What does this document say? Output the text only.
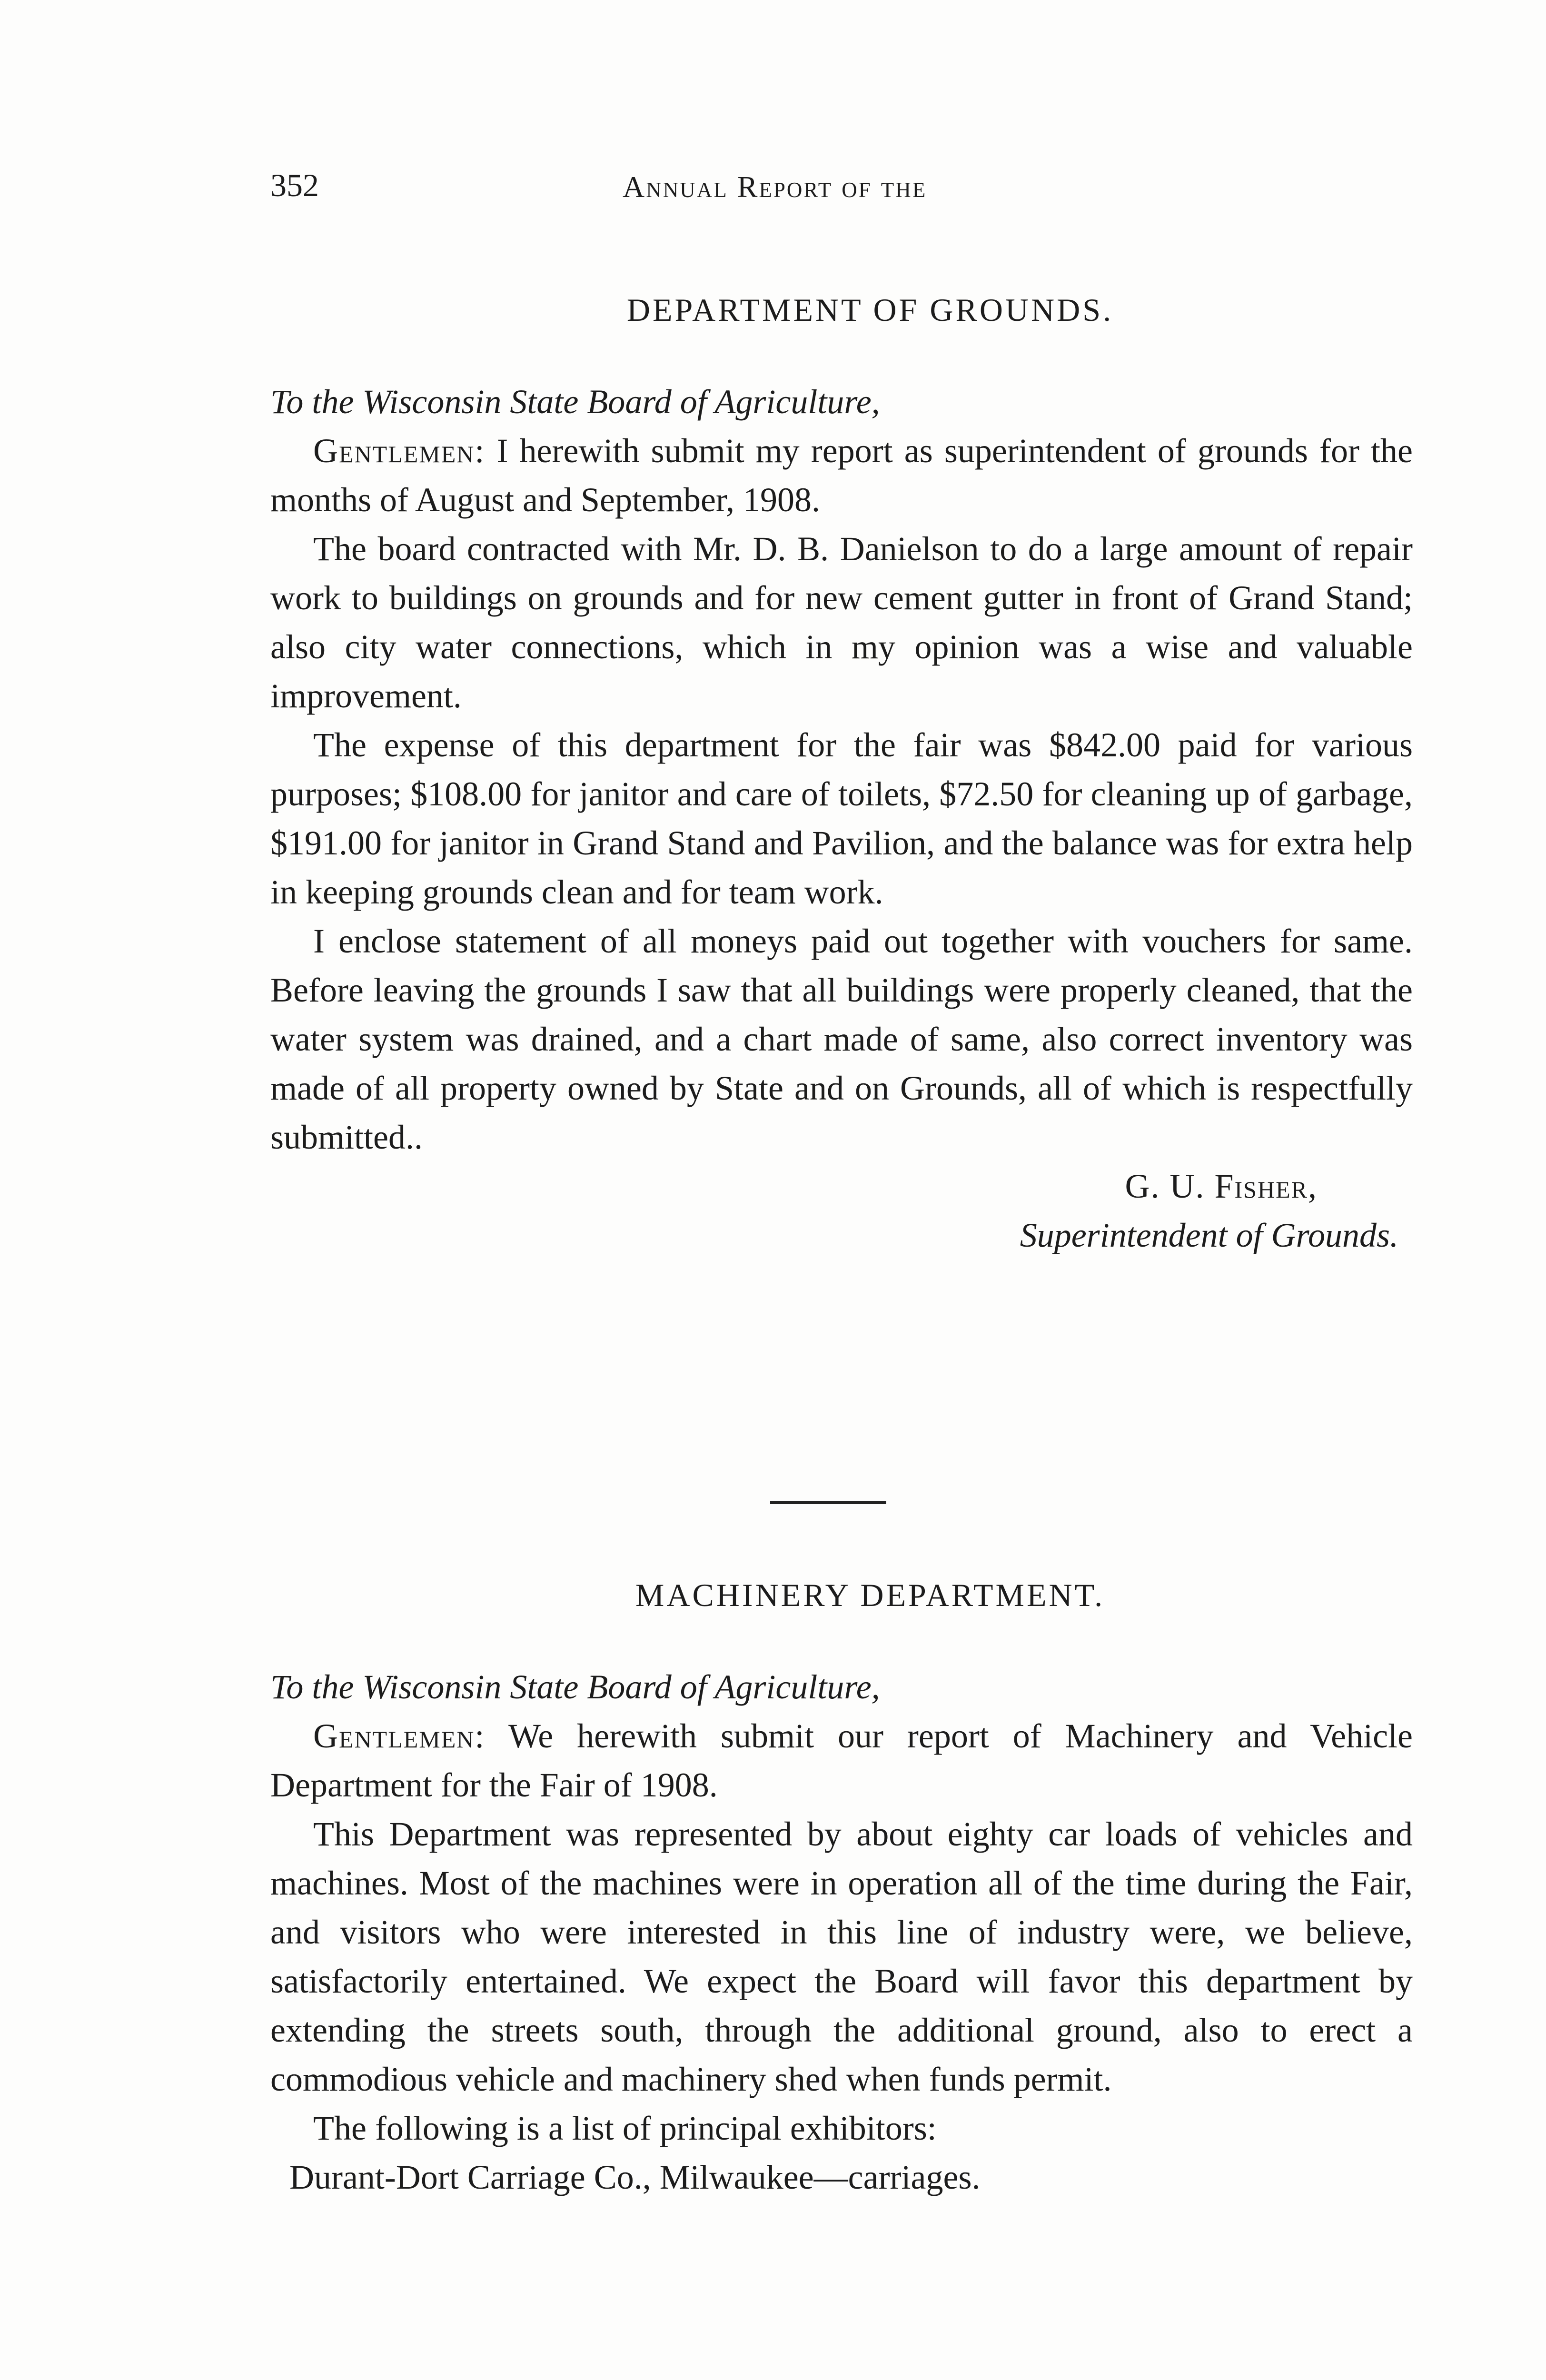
352	Annual Report of the
DEPARTMENT OF GROUNDS.

To the Wisconsin State Board of Agriculture,

Gentlemen: I herewith submit my report as superintendent of grounds for the months of August and September, 1908.

The board contracted with Mr. D. B. Danielson to do a large amount of repair work to buildings on grounds and for new cement gutter in front of Grand Stand; also city water connections, which in my opinion was a wise and valuable improvement.

The expense of this department for the fair was $842.00 paid for various purposes; $108.00 for janitor and care of toilets, $72.50 for cleaning up of garbage, $191.00 for janitor in Grand Stand and Pavilion, and the balance was for extra help in keeping grounds clean and for team work.

I enclose statement of all moneys paid out together with vouchers for same. Before leaving the grounds I saw that all buildings were properly cleaned, that the water system was drained, and a chart made of same, also correct inventory was made of all property owned by State and on Grounds, all of which is respectfully submitted..

G. U. Fisher,
Superintendent of Grounds.

MACHINERY DEPARTMENT.

To the Wisconsin State Board of Agriculture,

Gentlemen: We herewith submit our report of Machinery and Vehicle Department for the Fair of 1908.

This Department was represented by about eighty car loads of vehicles and machines. Most of the machines were in operation all of the time during the Fair, and visitors who were interested in this line of industry were, we believe, satisfactorily entertained. We expect the Board will favor this department by extending the streets south, through the additional ground, also to erect a commodious vehicle and machinery shed when funds permit.

The following is a list of principal exhibitors:

Durant-Dort Carriage Co., Milwaukee—carriages.
